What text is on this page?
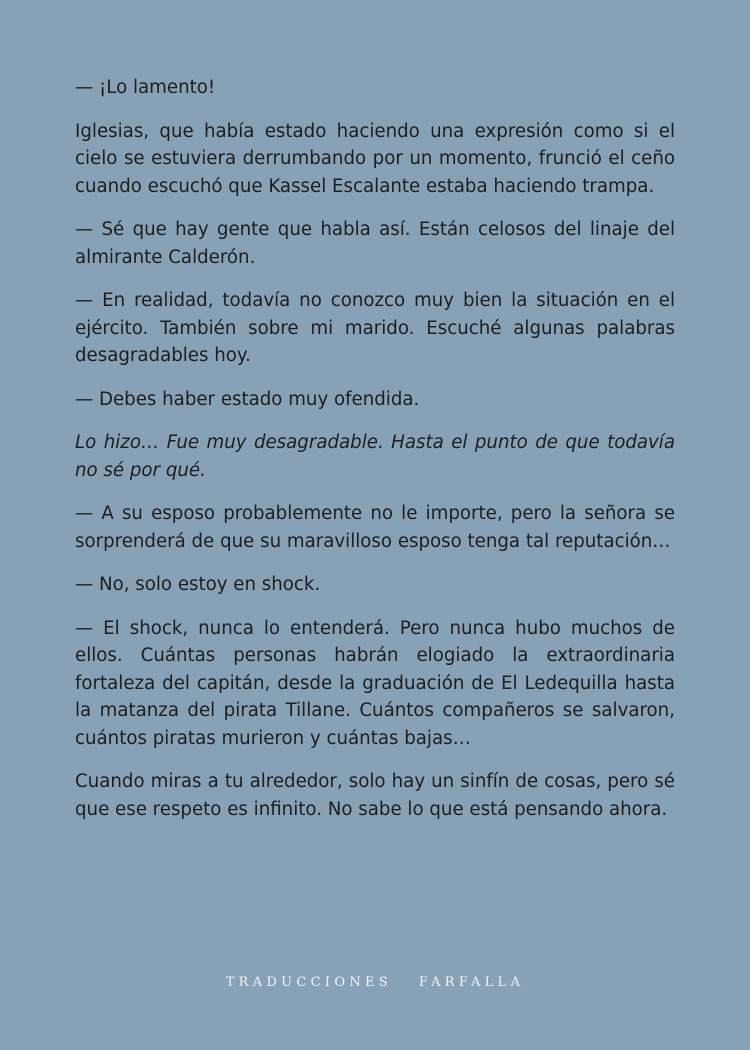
— ¡Lo lamento!

Iglesias, que había estado haciendo una expresión como si el cielo se estuviera derrumbando por un momento, frunció el ceño cuando escuchó que Kassel Escalante estaba haciendo trampa.

— Sé que hay gente que habla así. Están celosos del linaje del almirante Calderón.

— En realidad, todavía no conozco muy bien la situación en el ejército. También sobre mi marido. Escuché algunas palabras desagradables hoy.

— Debes haber estado muy ofendida.

Lo hizo… Fue muy desagradable. Hasta el punto de que todavía no sé por qué.

— A su esposo probablemente no le importe, pero la señora se sorprenderá de que su maravilloso esposo tenga tal reputación…

— No, solo estoy en shock.

— El shock, nunca lo entenderá. Pero nunca hubo muchos de ellos. Cuántas personas habrán elogiado la extraordinaria fortaleza del capitán, desde la graduación de El Ledequilla hasta la matanza del pirata Tillane. Cuántos compañeros se salvaron, cuántos piratas murieron y cuántas bajas…

Cuando miras a tu alrededor, solo hay un sinfín de cosas, pero sé que ese respeto es infinito. No sabe lo que está pensando ahora.

TRADUCCIONES FARFALLA
